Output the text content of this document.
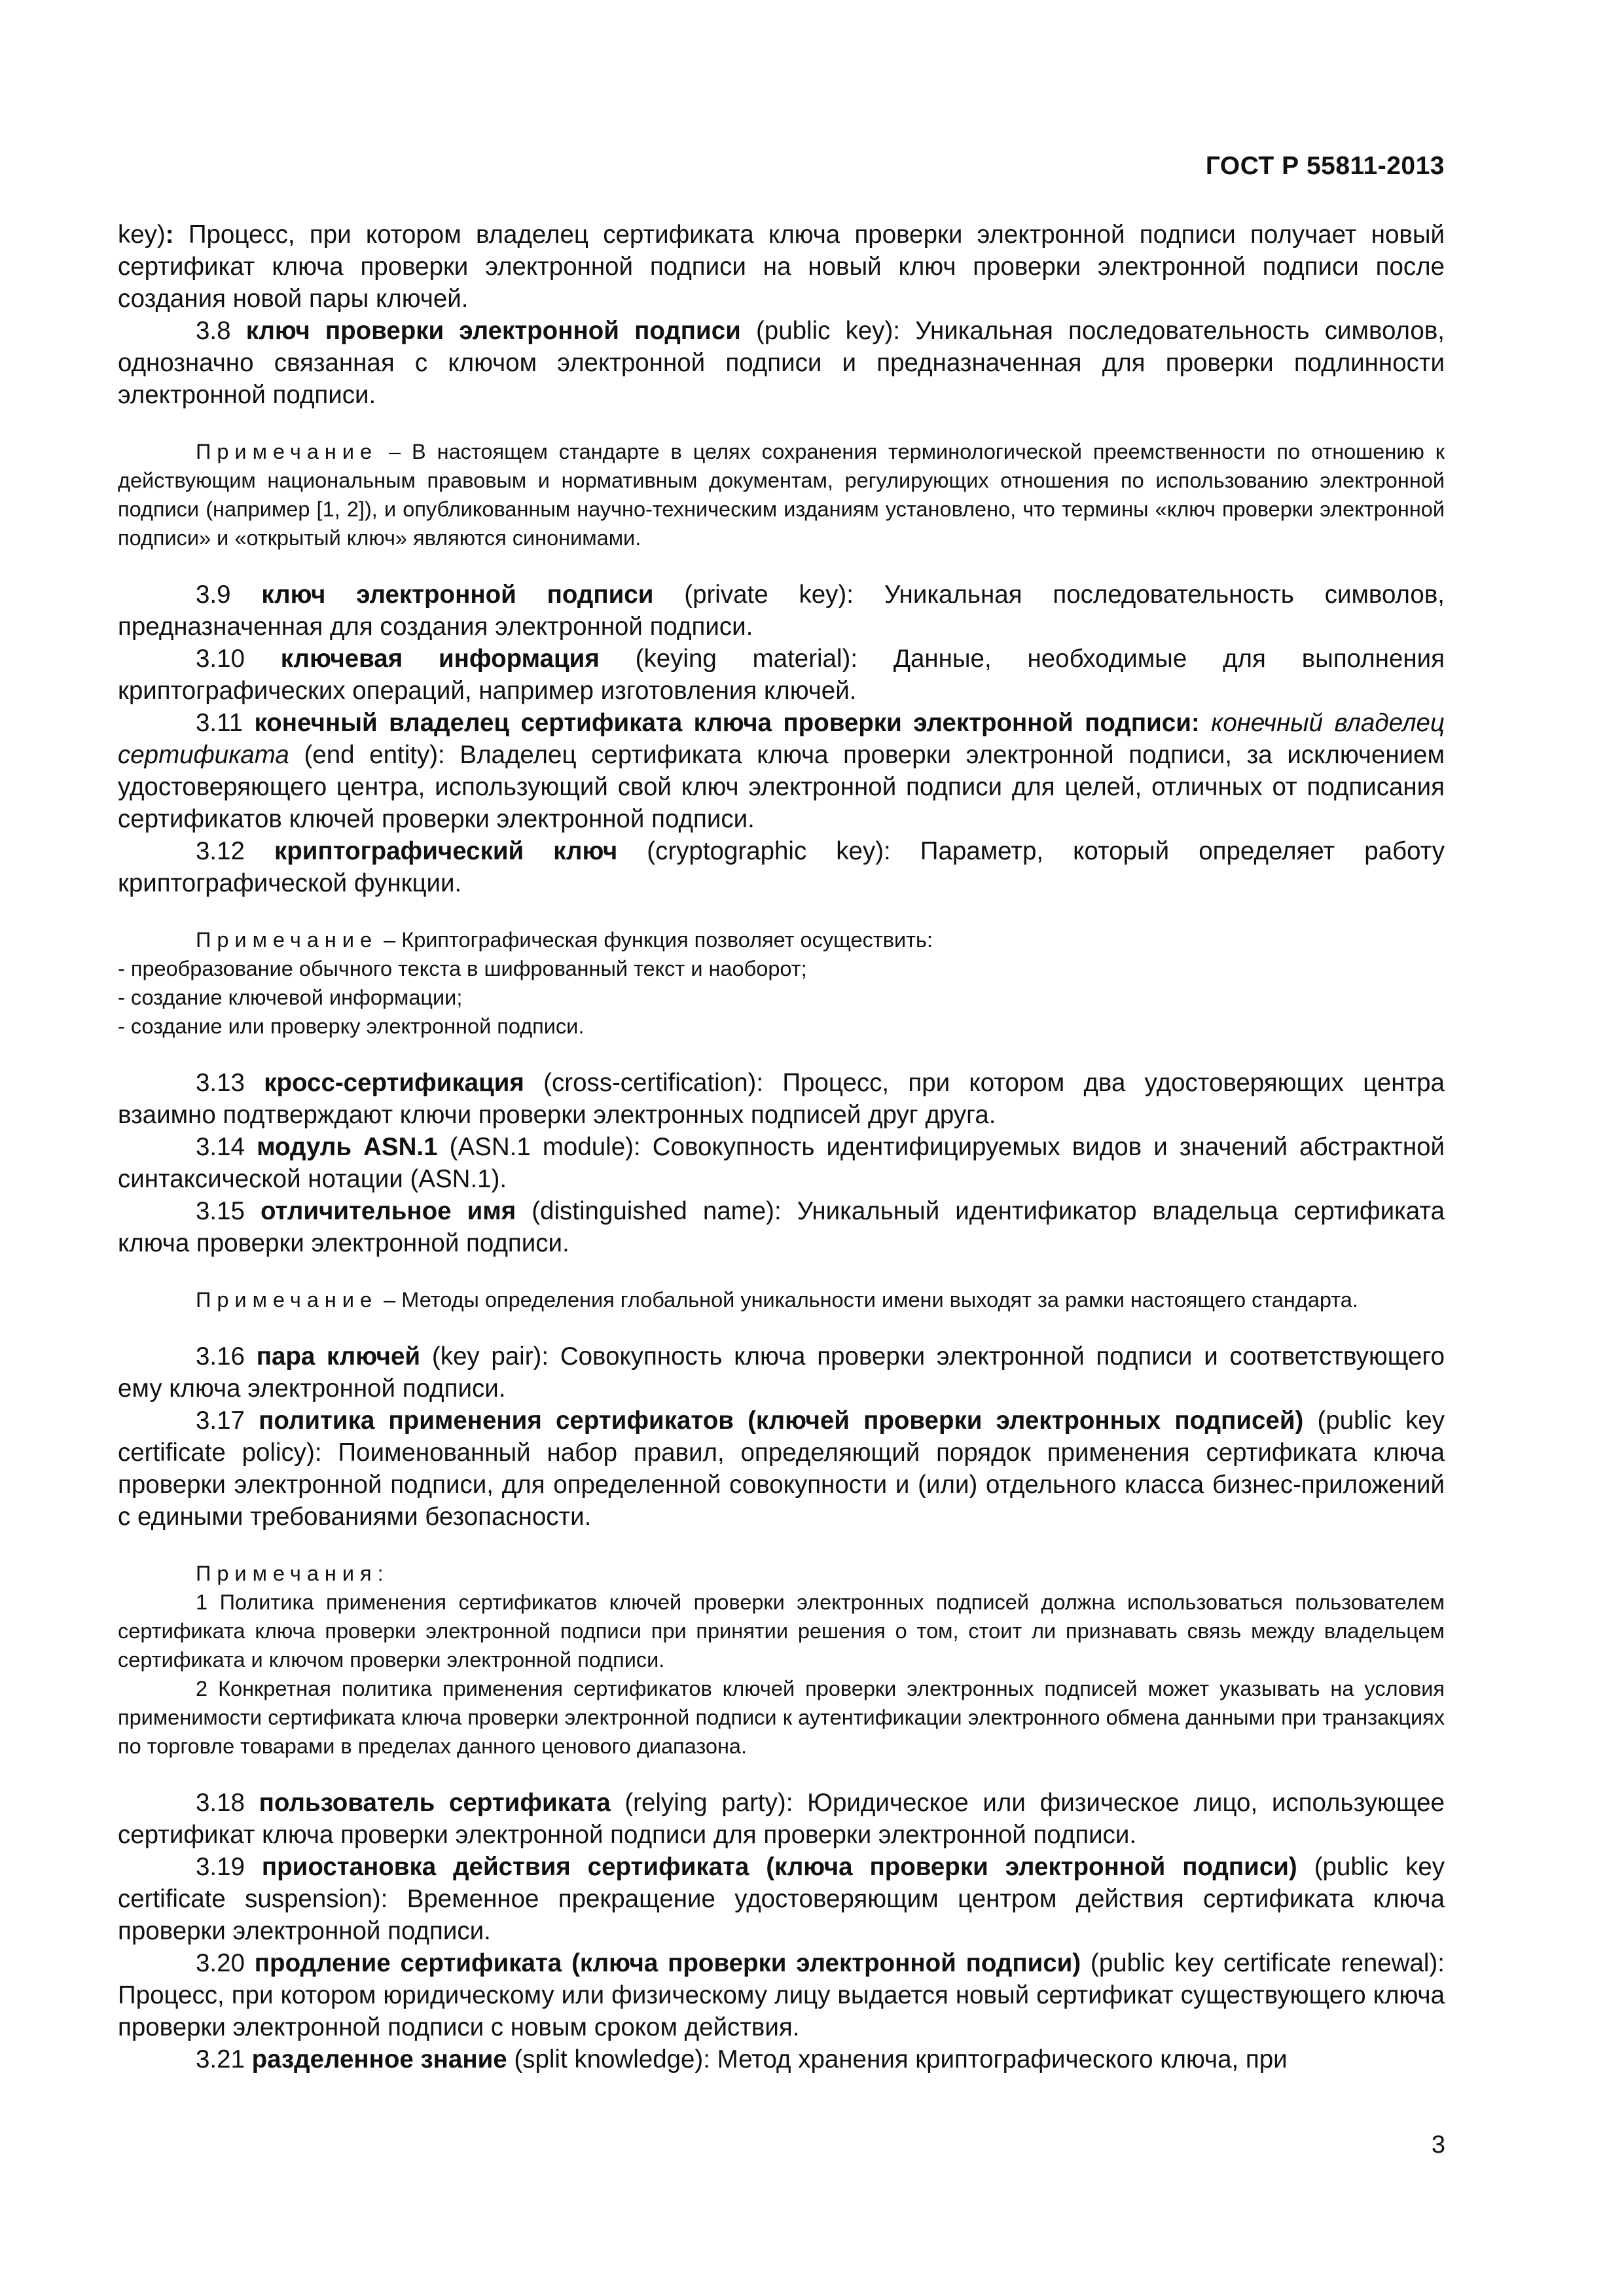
ГОСТ Р 55811-2013

key): Процесс, при котором владелец сертификата ключа проверки электронной подписи получает новый сертификат ключа проверки электронной подписи на новый ключ проверки электронной подписи после создания новой пары ключей.

3.8 ключ проверки электронной подписи (public key): Уникальная последовательность символов, однозначно связанная с ключом электронной подписи и предназначенная для проверки подлинности электронной подписи.

Примечание – В настоящем стандарте в целях сохранения терминологической преемственности по отношению к действующим национальным правовым и нормативным документам, регулирующих отношения по использованию электронной подписи (например [1, 2]), и опубликованным научно-техническим изданиям установлено, что термины «ключ проверки электронной подписи» и «открытый ключ» являются синонимами.

3.9 ключ электронной подписи (private key): Уникальная последовательность символов, предназначенная для создания электронной подписи.

3.10 ключевая информация (keying material): Данные, необходимые для выполнения криптографических операций, например изготовления ключей.

3.11 конечный владелец сертификата ключа проверки электронной подписи: конечный владелец сертификата (end entity): Владелец сертификата ключа проверки электронной подписи, за исключением удостоверяющего центра, использующий свой ключ электронной подписи для целей, отличных от подписания сертификатов ключей проверки электронной подписи.

3.12 криптографический ключ (cryptographic key): Параметр, который определяет работу криптографической функции.

Примечание – Криптографическая функция позволяет осуществить:

- преобразование обычного текста в шифрованный текст и наоборот;

- создание ключевой информации;

- создание или проверку электронной подписи.

3.13 кросс-сертификация (cross-certification): Процесс, при котором два удостоверяющих центра взаимно подтверждают ключи проверки электронных подписей друг друга.

3.14 модуль ASN.1 (ASN.1 module): Совокупность идентифицируемых видов и значений абстрактной синтаксической нотации (ASN.1).

3.15 отличительное имя (distinguished name): Уникальный идентификатор владельца сертификата ключа проверки электронной подписи.

Примечание – Методы определения глобальной уникальности имени выходят за рамки настоящего стандарта.

3.16 пара ключей (key pair): Совокупность ключа проверки электронной подписи и соответствующего ему ключа электронной подписи.

3.17 политика применения сертификатов (ключей проверки электронных подписей) (public key certificate policy): Поименованный набор правил, определяющий порядок применения сертификата ключа проверки электронной подписи, для определенной совокупности и (или) отдельного класса бизнес-приложений с едиными требованиями безопасности.

Примечания:

1 Политика применения сертификатов ключей проверки электронных подписей должна использоваться пользователем сертификата ключа проверки электронной подписи при принятии решения о том, стоит ли признавать связь между владельцем сертификата и ключом проверки электронной подписи.

2 Конкретная политика применения сертификатов ключей проверки электронных подписей может указывать на условия применимости сертификата ключа проверки электронной подписи к аутентификации электронного обмена данными при транзакциях по торговле товарами в пределах данного ценового диапазона.

3.18 пользователь сертификата (relying party): Юридическое или физическое лицо, использующее сертификат ключа проверки электронной подписи для проверки электронной подписи.

3.19 приостановка действия сертификата (ключа проверки электронной подписи) (public key certificate suspension): Временное прекращение удостоверяющим центром действия сертификата ключа проверки электронной подписи.

3.20 продление сертификата (ключа проверки электронной подписи) (public key certificate renewal): Процесс, при котором юридическому или физическому лицу выдается новый сертификат существующего ключа проверки электронной подписи с новым сроком действия.

3.21 разделенное знание (split knowledge): Метод хранения криптографического ключа, при

3
